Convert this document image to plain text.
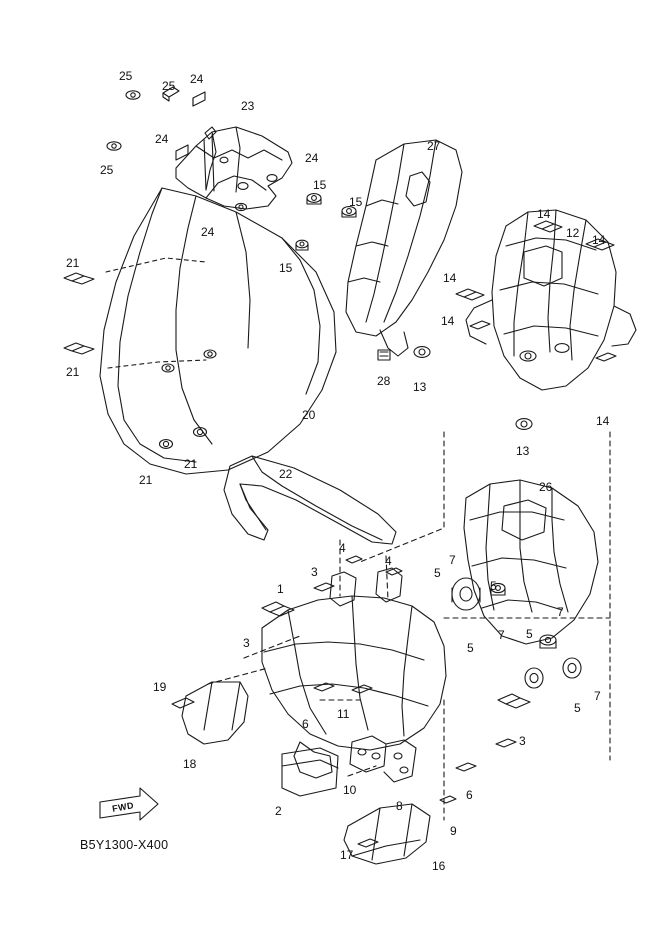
25
25 24
23
24
25
24
27
15
15
24
14
12 14
21	15
14
14
21
13
28
14
20
13
21
21
22
26
4
4	7
5
5
1
3
7
3
7 5
5
7
5
19
6
11
3
18
10
8
6
2
9
17
16
FWD
B5Y1300-X400
